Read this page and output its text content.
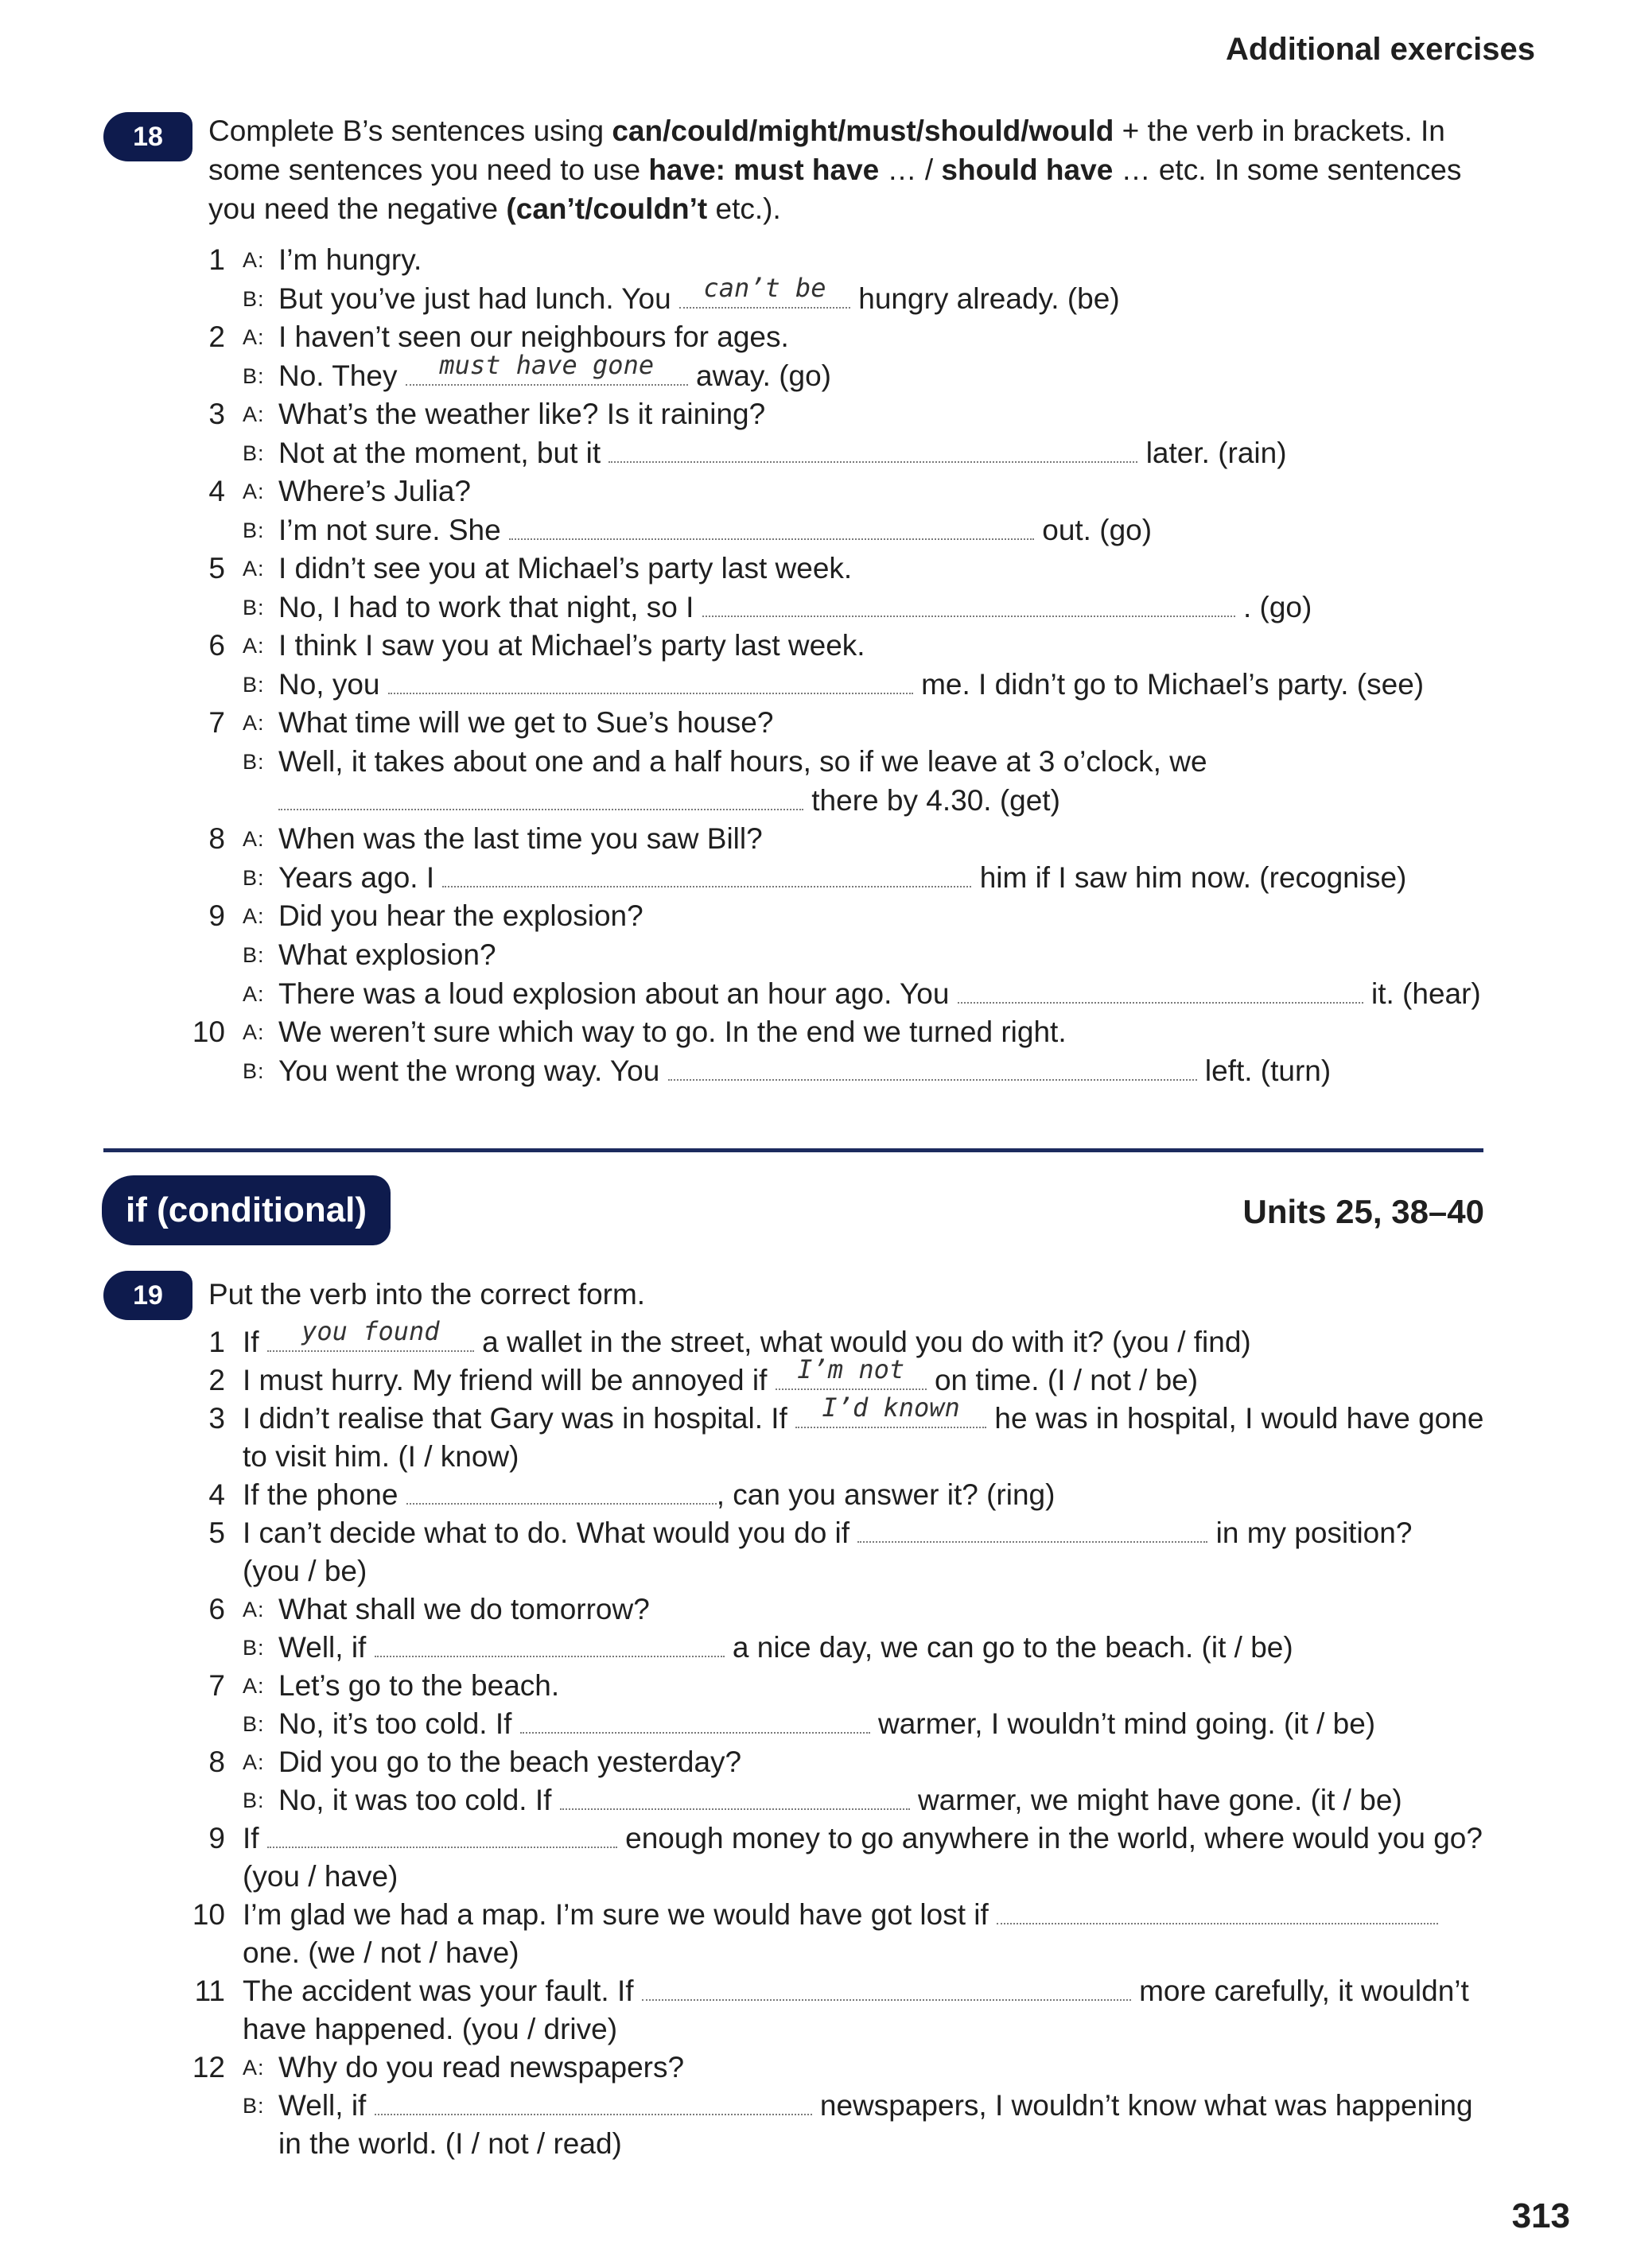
Additional exercises
18	Complete B’s sentences using can/could/might/must/should/would + the verb in brackets. In some sentences you need to use have: must have … / should have … etc. In some sentences you need the negative (can’t/couldn’t etc.).
1 A: I’m hungry.
B: But you’ve just had lunch. You	can’t be	hungry already. (be)
2 A: I haven’t seen our neighbours for ages.
B: No. They	must have gone	away. (go)
3 A: What’s the weather like? Is it raining?
B: Not at the moment, but it	later. (rain)
4 A: Where’s Julia?
B: I’m not sure. She	out. (go)
5 A: I didn’t see you at Michael’s party last week.
B: No, I had to work that night, so I	. (go)
6 A: I think I saw you at Michael’s party last week.
B: No, you	me. I didn’t go to Michael’s party. (see)
7 A: What time will we get to Sue’s house?
B: Well, it takes about one and a half hours, so if we leave at 3 o’clock, we
there by 4.30. (get)
8 A: When was the last time you saw Bill?
B: Years ago. I	him if I saw him now. (recognise)
9 A: Did you hear the explosion?
B: What explosion?
A: There was a loud explosion about an hour ago. You	it. (hear)
10 A: We weren’t sure which way to go. In the end we turned right.
B: You went the wrong way. You	left. (turn)
if (conditional)	Units 25, 38–40
19	Put the verb into the correct form.
1 If	you found	a wallet in the street, what would you do with it? (you / find)
2 I must hurry. My friend will be annoyed if	I’m not	on time. (I / not / be)
3 I didn’t realise that Gary was in hospital. If	I’d known	he was in hospital, I would have gone
to visit him. (I / know)
4 If the phone	, can you answer it? (ring)
5 I can’t decide what to do. What would you do if	in my position?
(you / be)
6 A: What shall we do tomorrow?
B: Well, if	a nice day, we can go to the beach. (it / be)
7 A: Let’s go to the beach.
B: No, it’s too cold. If	warmer, I wouldn’t mind going. (it / be)
8 A: Did you go to the beach yesterday?
B: No, it was too cold. If	warmer, we might have gone. (it / be)
9 If	enough money to go anywhere in the world, where would you go?
(you / have)
10 I’m glad we had a map. I’m sure we would have got lost if
one. (we / not / have)
11 The accident was your fault. If	more carefully, it wouldn’t
have happened. (you / drive)
12 A: Why do you read newspapers?
B: Well, if	newspapers, I wouldn’t know what was happening
in the world. (I / not / read)
313
